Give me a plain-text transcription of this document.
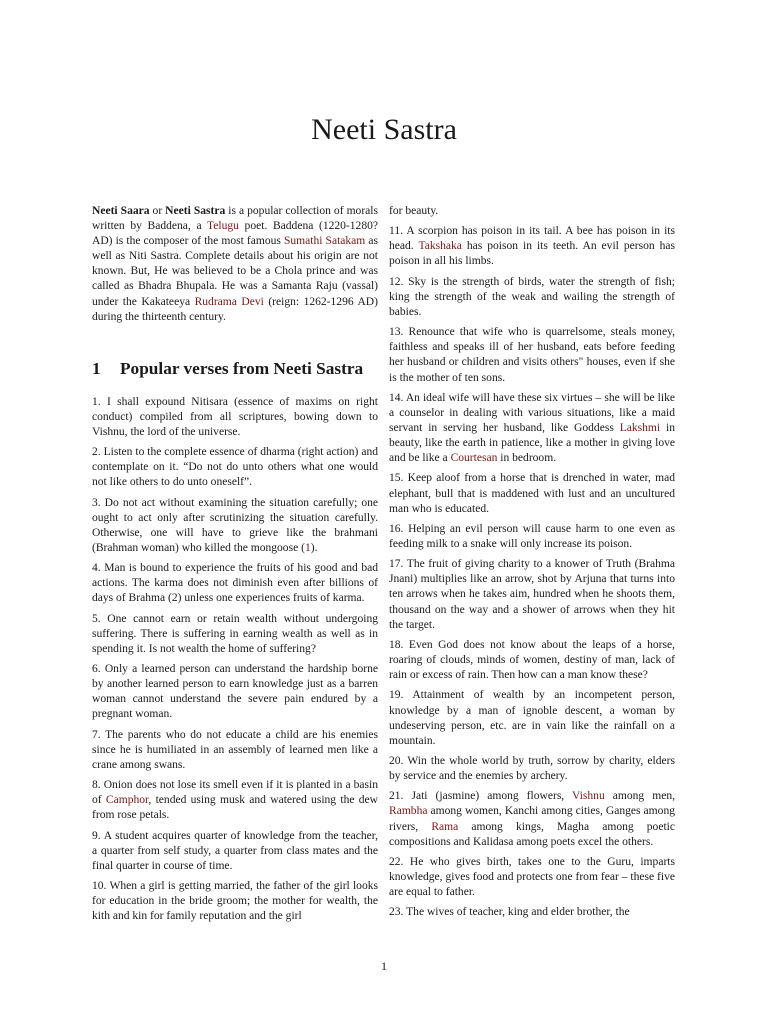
Neeti Sastra

Neeti Saara or Neeti Sastra is a popular collection of morals written by Baddena, a Telugu poet. Baddena (1220-1280? AD) is the composer of the most famous Sumathi Satakam as well as Niti Sastra. Complete details about his origin are not known. But, He was believed to be a Chola prince and was called as Bhadra Bhupala. He was a Samanta Raju (vassal) under the Kakateeya Rudrama Devi (reign: 1262-1296 AD) during the thirteenth century.

1 Popular verses from Neeti Sastra

1. I shall expound Nitisara (essence of maxims on right conduct) compiled from all scriptures, bowing down to Vishnu, the lord of the universe.

2. Listen to the complete essence of dharma (right action) and contemplate on it. “Do not do unto others what one would not like others to do unto oneself”.

3. Do not act without examining the situation carefully; one ought to act only after scrutinizing the situation carefully. Otherwise, one will have to grieve like the brahmani (Brahman woman) who killed the mongoose (1).

4. Man is bound to experience the fruits of his good and bad actions. The karma does not diminish even after billions of days of Brahma (2) unless one experiences fruits of karma.

5. One cannot earn or retain wealth without undergoing suffering. There is suffering in earning wealth as well as in spending it. Is not wealth the home of suffering?

6. Only a learned person can understand the hardship borne by another learned person to earn knowledge just as a barren woman cannot understand the severe pain endured by a pregnant woman.

7. The parents who do not educate a child are his enemies since he is humiliated in an assembly of learned men like a crane among swans.

8. Onion does not lose its smell even if it is planted in a basin of Camphor, tended using musk and watered using the dew from rose petals.

9. A student acquires quarter of knowledge from the teacher, a quarter from self study, a quarter from class mates and the final quarter in course of time.

10. When a girl is getting married, the father of the girl looks for education in the bride groom; the mother for wealth, the kith and kin for family reputation and the girl

for beauty.

11. A scorpion has poison in its tail. A bee has poison in its head. Takshaka has poison in its teeth. An evil person has poison in all his limbs.

12. Sky is the strength of birds, water the strength of fish; king the strength of the weak and wailing the strength of babies.

13. Renounce that wife who is quarrelsome, steals money, faithless and speaks ill of her husband, eats before feeding her husband or children and visits others" houses, even if she is the mother of ten sons.

14. An ideal wife will have these six virtues – she will be like a counselor in dealing with various situations, like a maid servant in serving her husband, like Goddess Lakshmi in beauty, like the earth in patience, like a mother in giving love and be like a Courtesan in bedroom.

15. Keep aloof from a horse that is drenched in water, mad elephant, bull that is maddened with lust and an uncultured man who is educated.

16. Helping an evil person will cause harm to one even as feeding milk to a snake will only increase its poison.

17. The fruit of giving charity to a knower of Truth (Brahma Jnani) multiplies like an arrow, shot by Arjuna that turns into ten arrows when he takes aim, hundred when he shoots them, thousand on the way and a shower of arrows when they hit the target.

18. Even God does not know about the leaps of a horse, roaring of clouds, minds of women, destiny of man, lack of rain or excess of rain. Then how can a man know these?

19. Attainment of wealth by an incompetent person, knowledge by a man of ignoble descent, a woman by undeserving person, etc. are in vain like the rainfall on a mountain.

20. Win the whole world by truth, sorrow by charity, elders by service and the enemies by archery.

21. Jati (jasmine) among flowers, Vishnu among men, Rambha among women, Kanchi among cities, Ganges among rivers, Rama among kings, Magha among poetic compositions and Kalidasa among poets excel the others.

22. He who gives birth, takes one to the Guru, imparts knowledge, gives food and protects one from fear – these five are equal to father.

23. The wives of teacher, king and elder brother, the

1
